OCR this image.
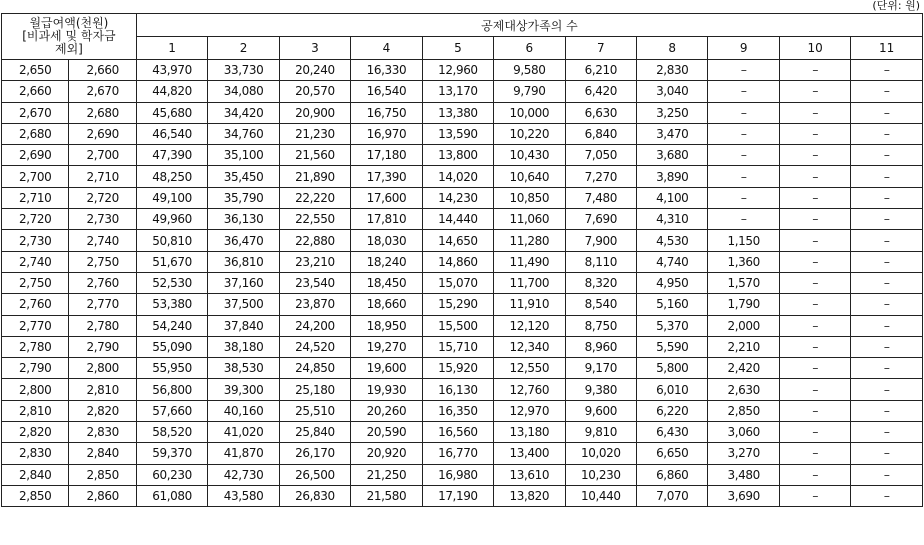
(단위: 원)
월급여액(천원)
[비과세 및 학자금
제외]		공제대상가족의 수										
		1	2	3	4	5	6	7	8	9	10	11
2,650	2,660	43,970	33,730	20,240	16,330	12,960	9,580	6,210	2,830	–	–	–
2,660	2,670	44,820	34,080	20,570	16,540	13,170	9,790	6,420	3,040	–	–	–
2,670	2,680	45,680	34,420	20,900	16,750	13,380	10,000	6,630	3,250	–	–	–
2,680	2,690	46,540	34,760	21,230	16,970	13,590	10,220	6,840	3,470	–	–	–
2,690	2,700	47,390	35,100	21,560	17,180	13,800	10,430	7,050	3,680	–	–	–
2,700	2,710	48,250	35,450	21,890	17,390	14,020	10,640	7,270	3,890	–	–	–
2,710	2,720	49,100	35,790	22,220	17,600	14,230	10,850	7,480	4,100	–	–	–
2,720	2,730	49,960	36,130	22,550	17,810	14,440	11,060	7,690	4,310	–	–	–
2,730	2,740	50,810	36,470	22,880	18,030	14,650	11,280	7,900	4,530	1,150	–	–
2,740	2,750	51,670	36,810	23,210	18,240	14,860	11,490	8,110	4,740	1,360	–	–
2,750	2,760	52,530	37,160	23,540	18,450	15,070	11,700	8,320	4,950	1,570	–	–
2,760	2,770	53,380	37,500	23,870	18,660	15,290	11,910	8,540	5,160	1,790	–	–
2,770	2,780	54,240	37,840	24,200	18,950	15,500	12,120	8,750	5,370	2,000	–	–
2,780	2,790	55,090	38,180	24,520	19,270	15,710	12,340	8,960	5,590	2,210	–	–
2,790	2,800	55,950	38,530	24,850	19,600	15,920	12,550	9,170	5,800	2,420	–	–
2,800	2,810	56,800	39,300	25,180	19,930	16,130	12,760	9,380	6,010	2,630	–	–
2,810	2,820	57,660	40,160	25,510	20,260	16,350	12,970	9,600	6,220	2,850	–	–
2,820	2,830	58,520	41,020	25,840	20,590	16,560	13,180	9,810	6,430	3,060	–	–
2,830	2,840	59,370	41,870	26,170	20,920	16,770	13,400	10,020	6,650	3,270	–	–
2,840	2,850	60,230	42,730	26,500	21,250	16,980	13,610	10,230	6,860	3,480	–	–
2,850	2,860	61,080	43,580	26,830	21,580	17,190	13,820	10,440	7,070	3,690	–	–
